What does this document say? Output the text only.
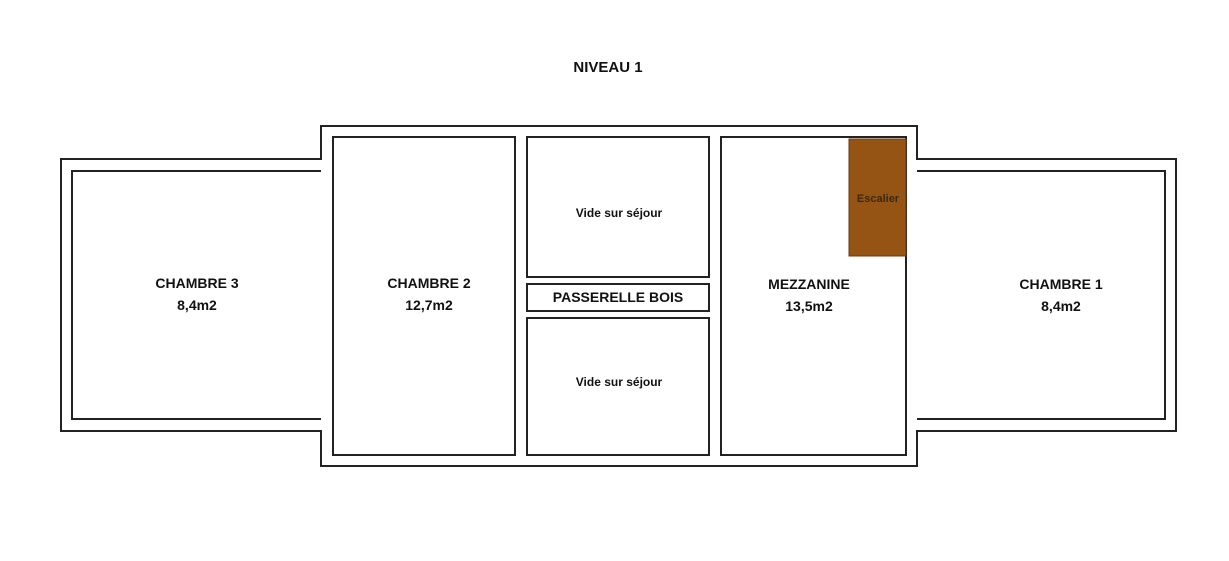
NIVEAU 1
CHAMBRE 3
8,4m2
CHAMBRE 2
12,7m2
Vide sur séjour
PASSERELLE BOIS
Vide sur séjour
MEZZANINE
13,5m2
Escalier
CHAMBRE 1
8,4m2
